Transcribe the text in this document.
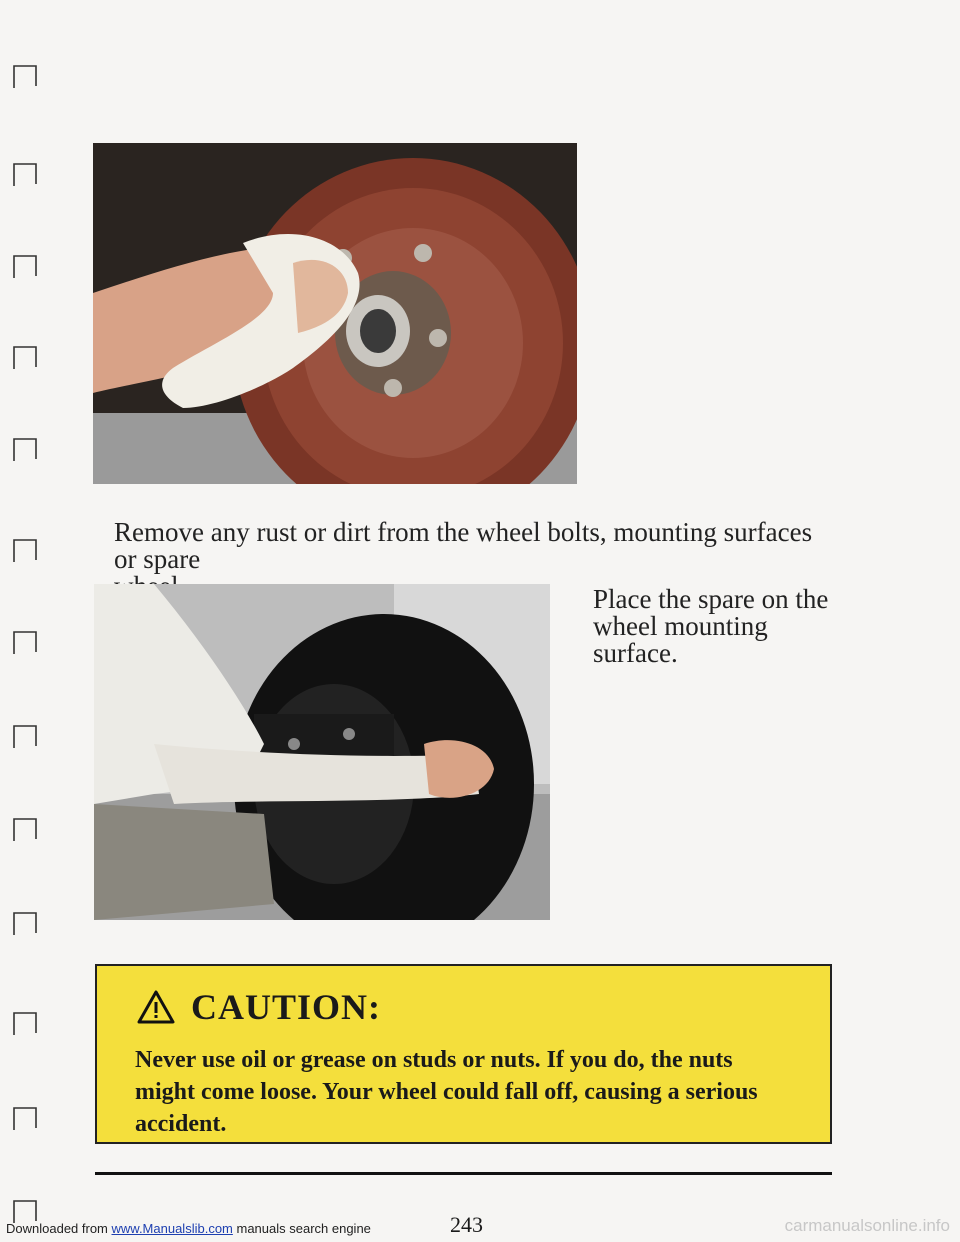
Remove any rust or dirt from the wheel bolts, mounting surfaces or spare

Place the spare on the
wheel mounting
surface.

CAUTION:

Never use oil or grease on studs or nuts. If you do, the nuts
might come loose. Your wheel could fall off, causing a serious
accident.

243
Downloaded from www.Manualslib.com manuals search engine	carmanualsonline.info
